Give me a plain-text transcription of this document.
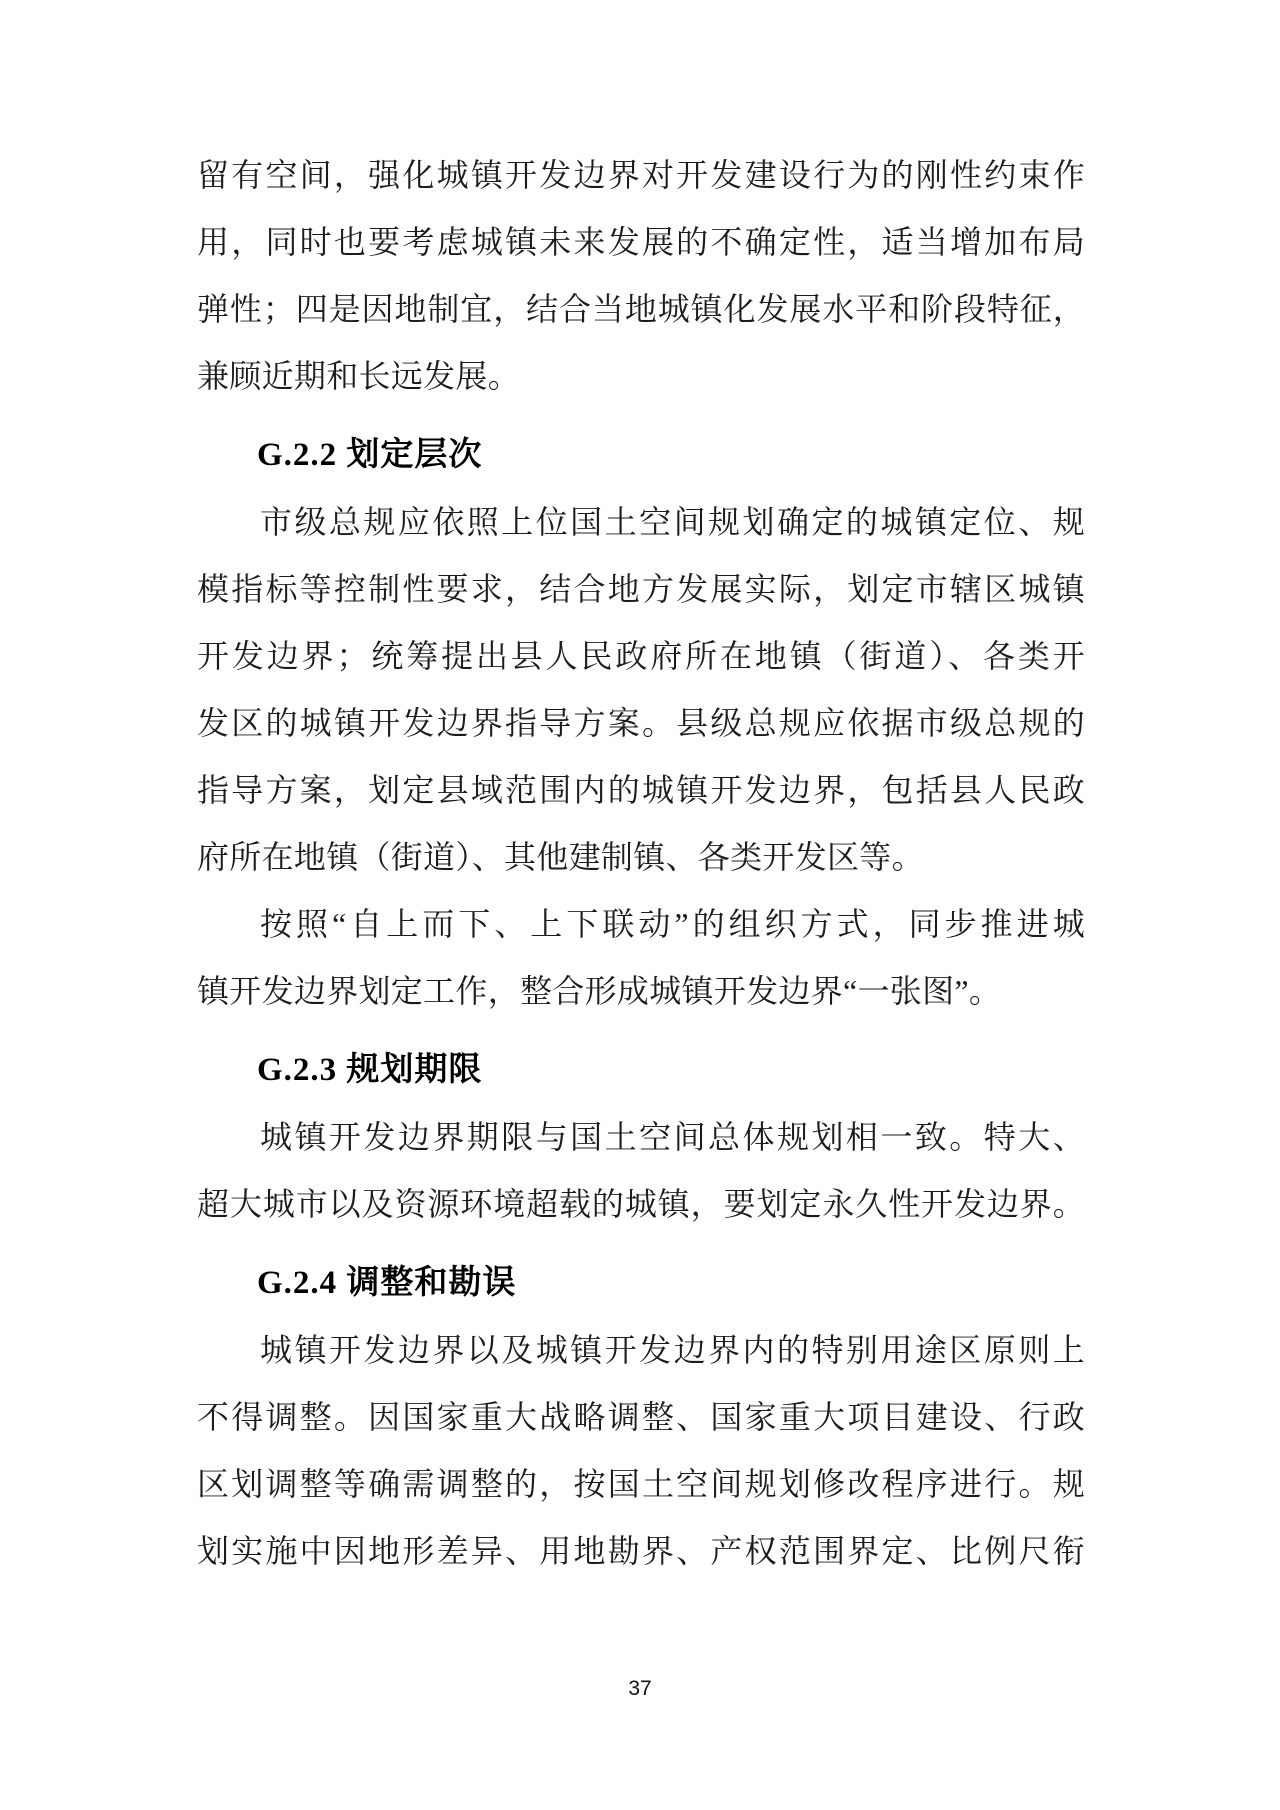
留有空间，强化城镇开发边界对开发建设行为的刚性约束作
用，同时也要考虑城镇未来发展的不确定性，适当增加布局
弹性；四是因地制宜，结合当地城镇化发展水平和阶段特征，
兼顾近期和长远发展。
G.2.2 划定层次
市级总规应依照上位国土空间规划确定的城镇定位、规
模指标等控制性要求，结合地方发展实际，划定市辖区城镇
开发边界；统筹提出县人民政府所在地镇（街道）、各类开
发区的城镇开发边界指导方案。县级总规应依据市级总规的
指导方案，划定县域范围内的城镇开发边界，包括县人民政
府所在地镇（街道）、其他建制镇、各类开发区等。
按照“自上而下、上下联动”的组织方式，同步推进城
镇开发边界划定工作，整合形成城镇开发边界“一张图”。
G.2.3 规划期限
城镇开发边界期限与国土空间总体规划相一致。特大、
超大城市以及资源环境超载的城镇，要划定永久性开发边界。
G.2.4 调整和勘误
城镇开发边界以及城镇开发边界内的特别用途区原则上
不得调整。因国家重大战略调整、国家重大项目建设、行政
区划调整等确需调整的，按国土空间规划修改程序进行。规
划实施中因地形差异、用地勘界、产权范围界定、比例尺衔
37
